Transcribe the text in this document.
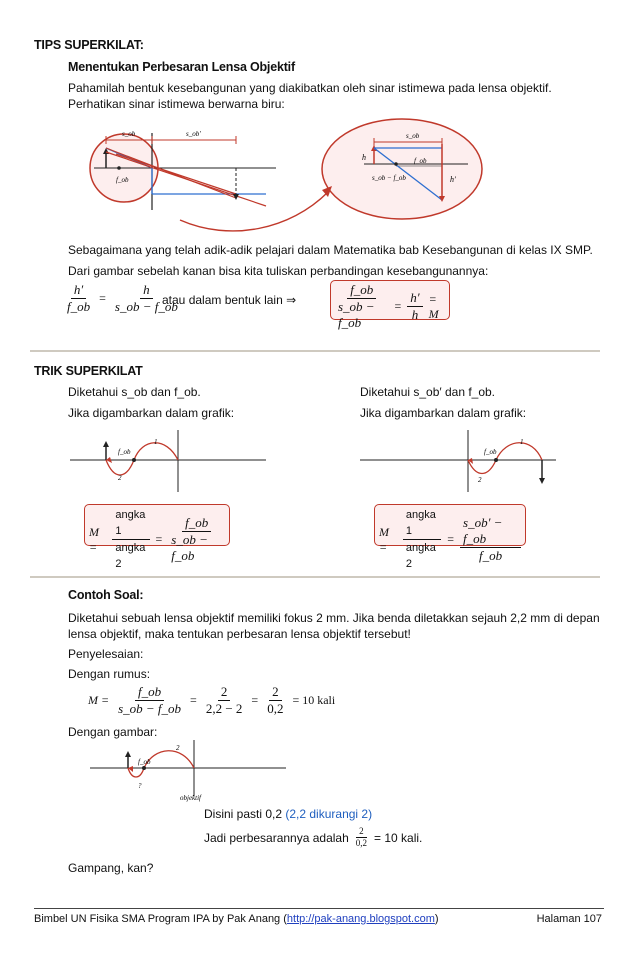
TIPS SUPERKILAT:
Menentukan Perbesaran Lensa Objektif
Pahamilah bentuk kesebangunan yang diakibatkan oleh sinar istimewa pada lensa objektif.
Perhatikan sinar istimewa berwarna biru:
s_ob	s_ob′
f_ob
s_ob
h	f_ob
s_ob − f_ob	h′
Sebagaimana yang telah adik-adik pelajari dalam Matematika bab Kesebangunan di kelas IX SMP.
Dari gambar sebelah kanan bisa kita tuliskan perbandingan kesebangunannya:
$\frac{h'}{f\_ob} = \frac{h}{s\_ob - f\_ob}$
atau dalam bentuk lain ⇒	$\frac{f\_ob}{s\_ob - f\_ob} = \frac{h'}{h} = M$
TRIK SUPERKILAT
Diketahui s_ob dan f_ob.
Jika digambarkan dalam grafik:
f_ob
1
2
M =	$\frac{\text{angka 1}}{\text{angka 2}} = \frac{f\_ob}{s\_ob - f\_ob}$
Diketahui s_ob′ dan f_ob.
Jika digambarkan dalam grafik:
f_ob
1
2
M =	$\frac{\text{angka 1}}{\text{angka 2}} = \frac{s\_ob' - f\_ob}{f\_ob}$
Contoh Soal:
Diketahui sebuah lensa objektif memiliki fokus 2 mm. Jika benda diletakkan sejauh 2,2 mm di depan
lensa objektif, maka tentukan perbesaran lensa objektif tersebut!
Penyelesaian:
Dengan rumus:
$M = \frac{f\_ob}{s\_ob - f\_ob} = \frac{2}{2,2 - 2} = \frac{2}{0,2} = 10$ kali
Dengan gambar:
f_ob
2
?
objektif
Disini pasti 0,2 (2,2 dikurangi 2)
Jadi perbesarannya adalah $\frac{2}{0,2} = 10$ kali.
Gampang, kan?
Bimbel UN Fisika SMA Program IPA by Pak Anang (http://pak-anang.blogspot.com)	Halaman 107
